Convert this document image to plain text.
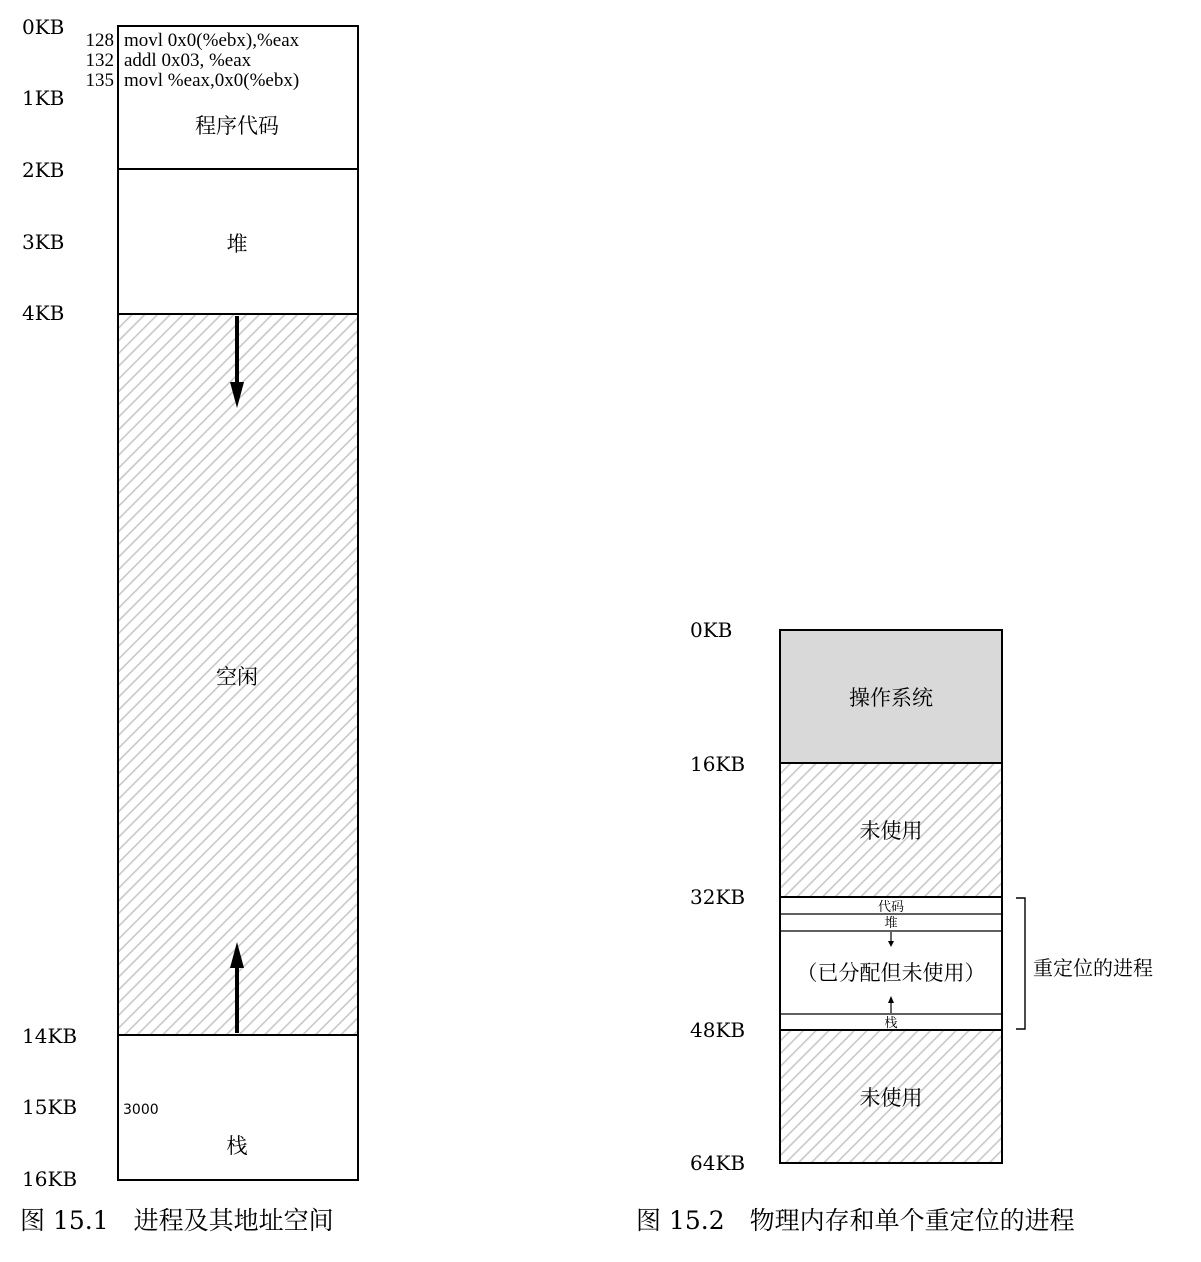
0KB
1KB
2KB
3KB
4KB
14KB
15KB
16KB
128 movl 0x0(%ebx),%eax
132 addl 0x03, %eax
135 movl %eax,0x0(%ebx)
程序代码
堆
空闲
3000
栈
图 15.1　进程及其地址空间
0KB
16KB
32KB
48KB
64KB
代码
堆
栈
操作系统
未使用
（已分配但未使用）
未使用
重定位的进程
图 15.2　物理内存和单个重定位的进程
